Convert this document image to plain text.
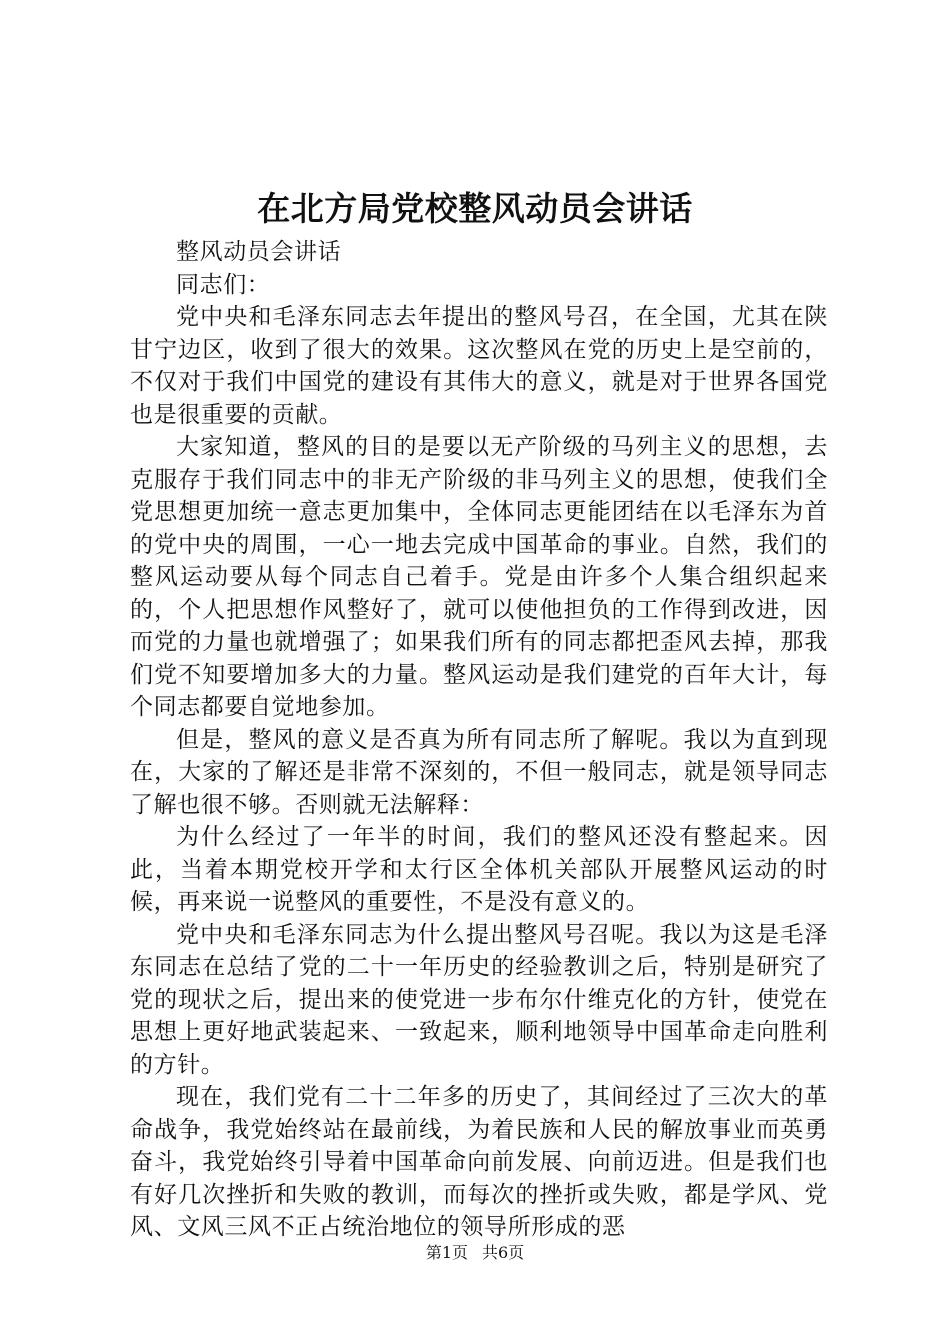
在北方局党校整风动员会讲话

整风动员会讲话

同志们：

党中央和毛泽东同志去年提出的整风号召，在全国，尤其在陕甘宁边区，收到了很大的效果。这次整风在党的历史上是空前的，不仅对于我们中国党的建设有其伟大的意义，就是对于世界各国党也是很重要的贡献。

大家知道，整风的目的是要以无产阶级的马列主义的思想，去克服存于我们同志中的非无产阶级的非马列主义的思想，使我们全党思想更加统一意志更加集中，全体同志更能团结在以毛泽东为首的党中央的周围，一心一地去完成中国革命的事业。自然，我们的整风运动要从每个同志自己着手。党是由许多个人集合组织起来的，个人把思想作风整好了，就可以使他担负的工作得到改进，因而党的力量也就增强了；如果我们所有的同志都把歪风去掉，那我们党不知要增加多大的力量。整风运动是我们建党的百年大计，每个同志都要自觉地参加。

但是，整风的意义是否真为所有同志所了解呢。我以为直到现在，大家的了解还是非常不深刻的，不但一般同志，就是领导同志了解也很不够。否则就无法解释：

为什么经过了一年半的时间，我们的整风还没有整起来。因此，当着本期党校开学和太行区全体机关部队开展整风运动的时候，再来说一说整风的重要性，不是没有意义的。

党中央和毛泽东同志为什么提出整风号召呢。我以为这是毛泽东同志在总结了党的二十一年历史的经验教训之后，特别是研究了党的现状之后，提出来的使党进一步布尔什维克化的方针，使党在思想上更好地武装起来、一致起来，顺利地领导中国革命走向胜利的方针。

现在，我们党有二十二年多的历史了，其间经过了三次大的革命战争，我党始终站在最前线，为着民族和人民的解放事业而英勇奋斗，我党始终引导着中国革命向前发展、向前迈进。但是我们也有好几次挫折和失败的教训，而每次的挫折或失败，都是学风、党风、文风三风不正占统治地位的领导所形成的恶

第1页 共6页
